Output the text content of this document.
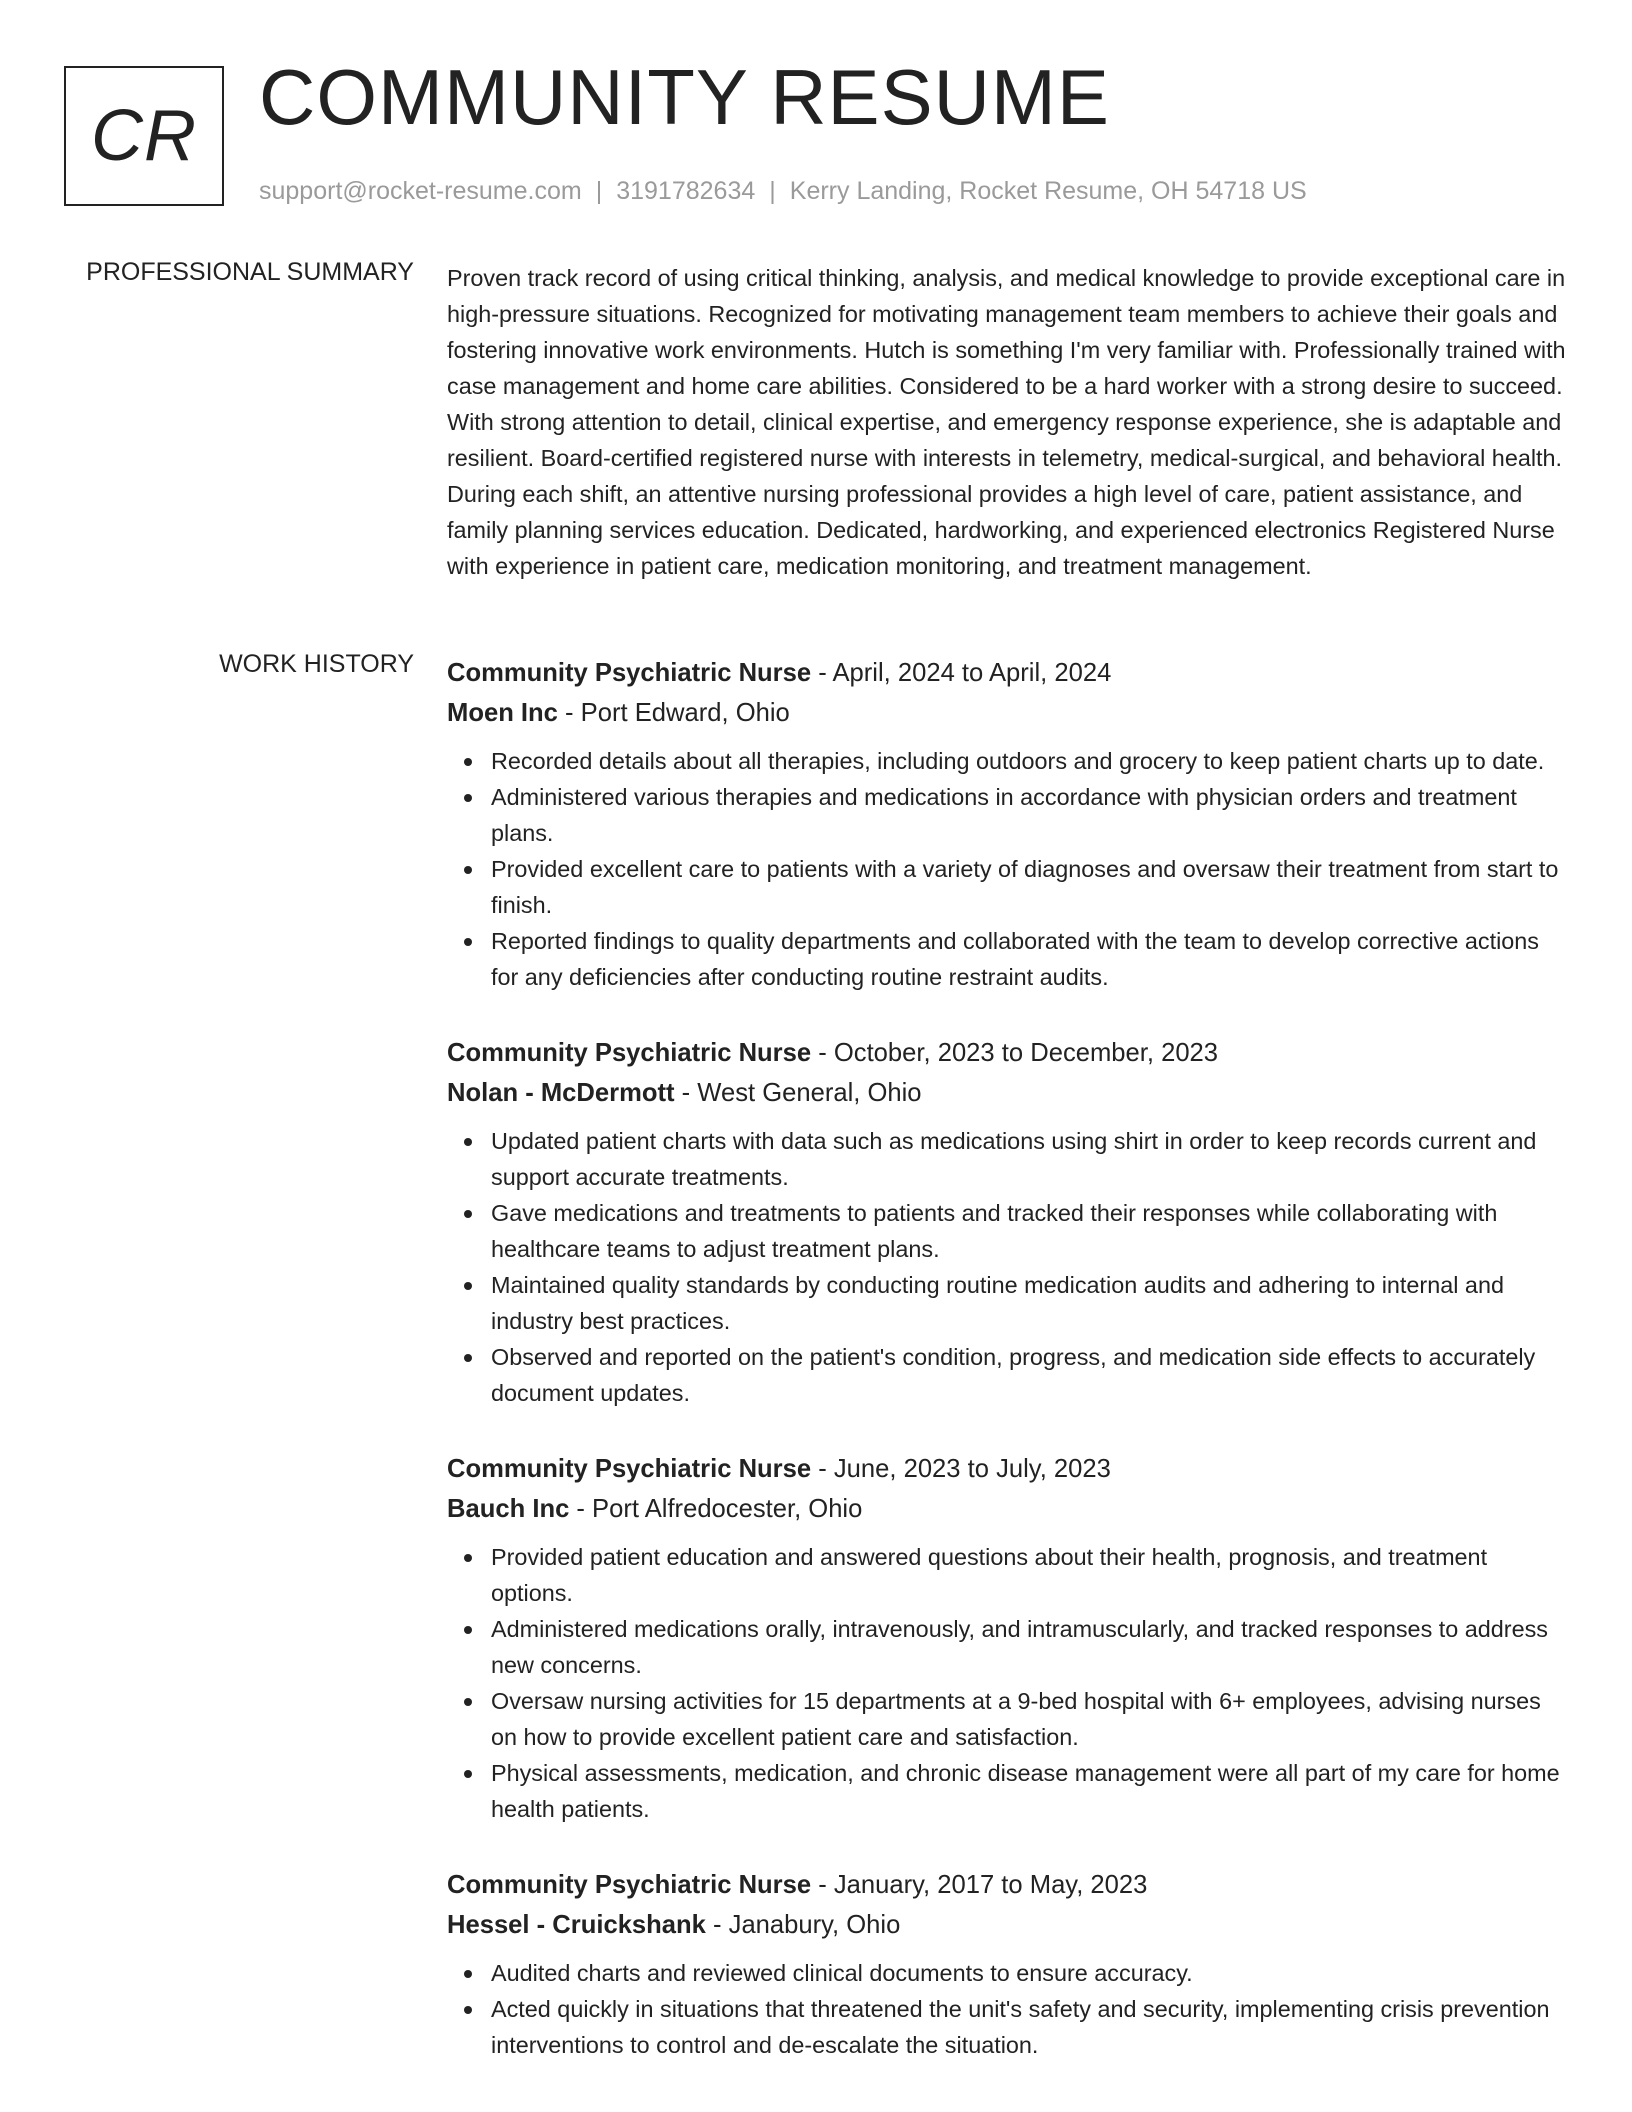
CR COMMUNITY RESUME
support@rocket-resume.com | 3191782634 | Kerry Landing, Rocket Resume, OH 54718 US
PROFESSIONAL SUMMARY Proven track record of using critical thinking, analysis, and medical knowledge to provide exceptional care in high-pressure situations. Recognized for motivating management team members to achieve their goals and fostering innovative work environments. Hutch is something I'm very familiar with. Professionally trained with case management and home care abilities. Considered to be a hard worker with a strong desire to succeed. With strong attention to detail, clinical expertise, and emergency response experience, she is adaptable and resilient. Board-certified registered nurse with interests in telemetry, medical-surgical, and behavioral health. During each shift, an attentive nursing professional provides a high level of care, patient assistance, and family planning services education. Dedicated, hardworking, and experienced electronics Registered Nurse with experience in patient care, medication monitoring, and treatment management.
WORK HISTORY Community Psychiatric Nurse - April, 2024 to April, 2024
Moen Inc - Port Edward, Ohio
Recorded details about all therapies, including outdoors and grocery to keep patient charts up to date.
Administered various therapies and medications in accordance with physician orders and treatment plans.
Provided excellent care to patients with a variety of diagnoses and oversaw their treatment from start to finish.
Reported findings to quality departments and collaborated with the team to develop corrective actions for any deficiencies after conducting routine restraint audits.
Community Psychiatric Nurse - October, 2023 to December, 2023
Nolan - McDermott - West General, Ohio
Updated patient charts with data such as medications using shirt in order to keep records current and support accurate treatments.
Gave medications and treatments to patients and tracked their responses while collaborating with healthcare teams to adjust treatment plans.
Maintained quality standards by conducting routine medication audits and adhering to internal and industry best practices.
Observed and reported on the patient's condition, progress, and medication side effects to accurately document updates.
Community Psychiatric Nurse - June, 2023 to July, 2023
Bauch Inc - Port Alfredocester, Ohio
Provided patient education and answered questions about their health, prognosis, and treatment options.
Administered medications orally, intravenously, and intramuscularly, and tracked responses to address new concerns.
Oversaw nursing activities for 15 departments at a 9-bed hospital with 6+ employees, advising nurses on how to provide excellent patient care and satisfaction.
Physical assessments, medication, and chronic disease management were all part of my care for home health patients.
Community Psychiatric Nurse - January, 2017 to May, 2023
Hessel - Cruickshank - Janabury, Ohio
Audited charts and reviewed clinical documents to ensure accuracy.
Acted quickly in situations that threatened the unit's safety and security, implementing crisis prevention interventions to control and de-escalate the situation.
